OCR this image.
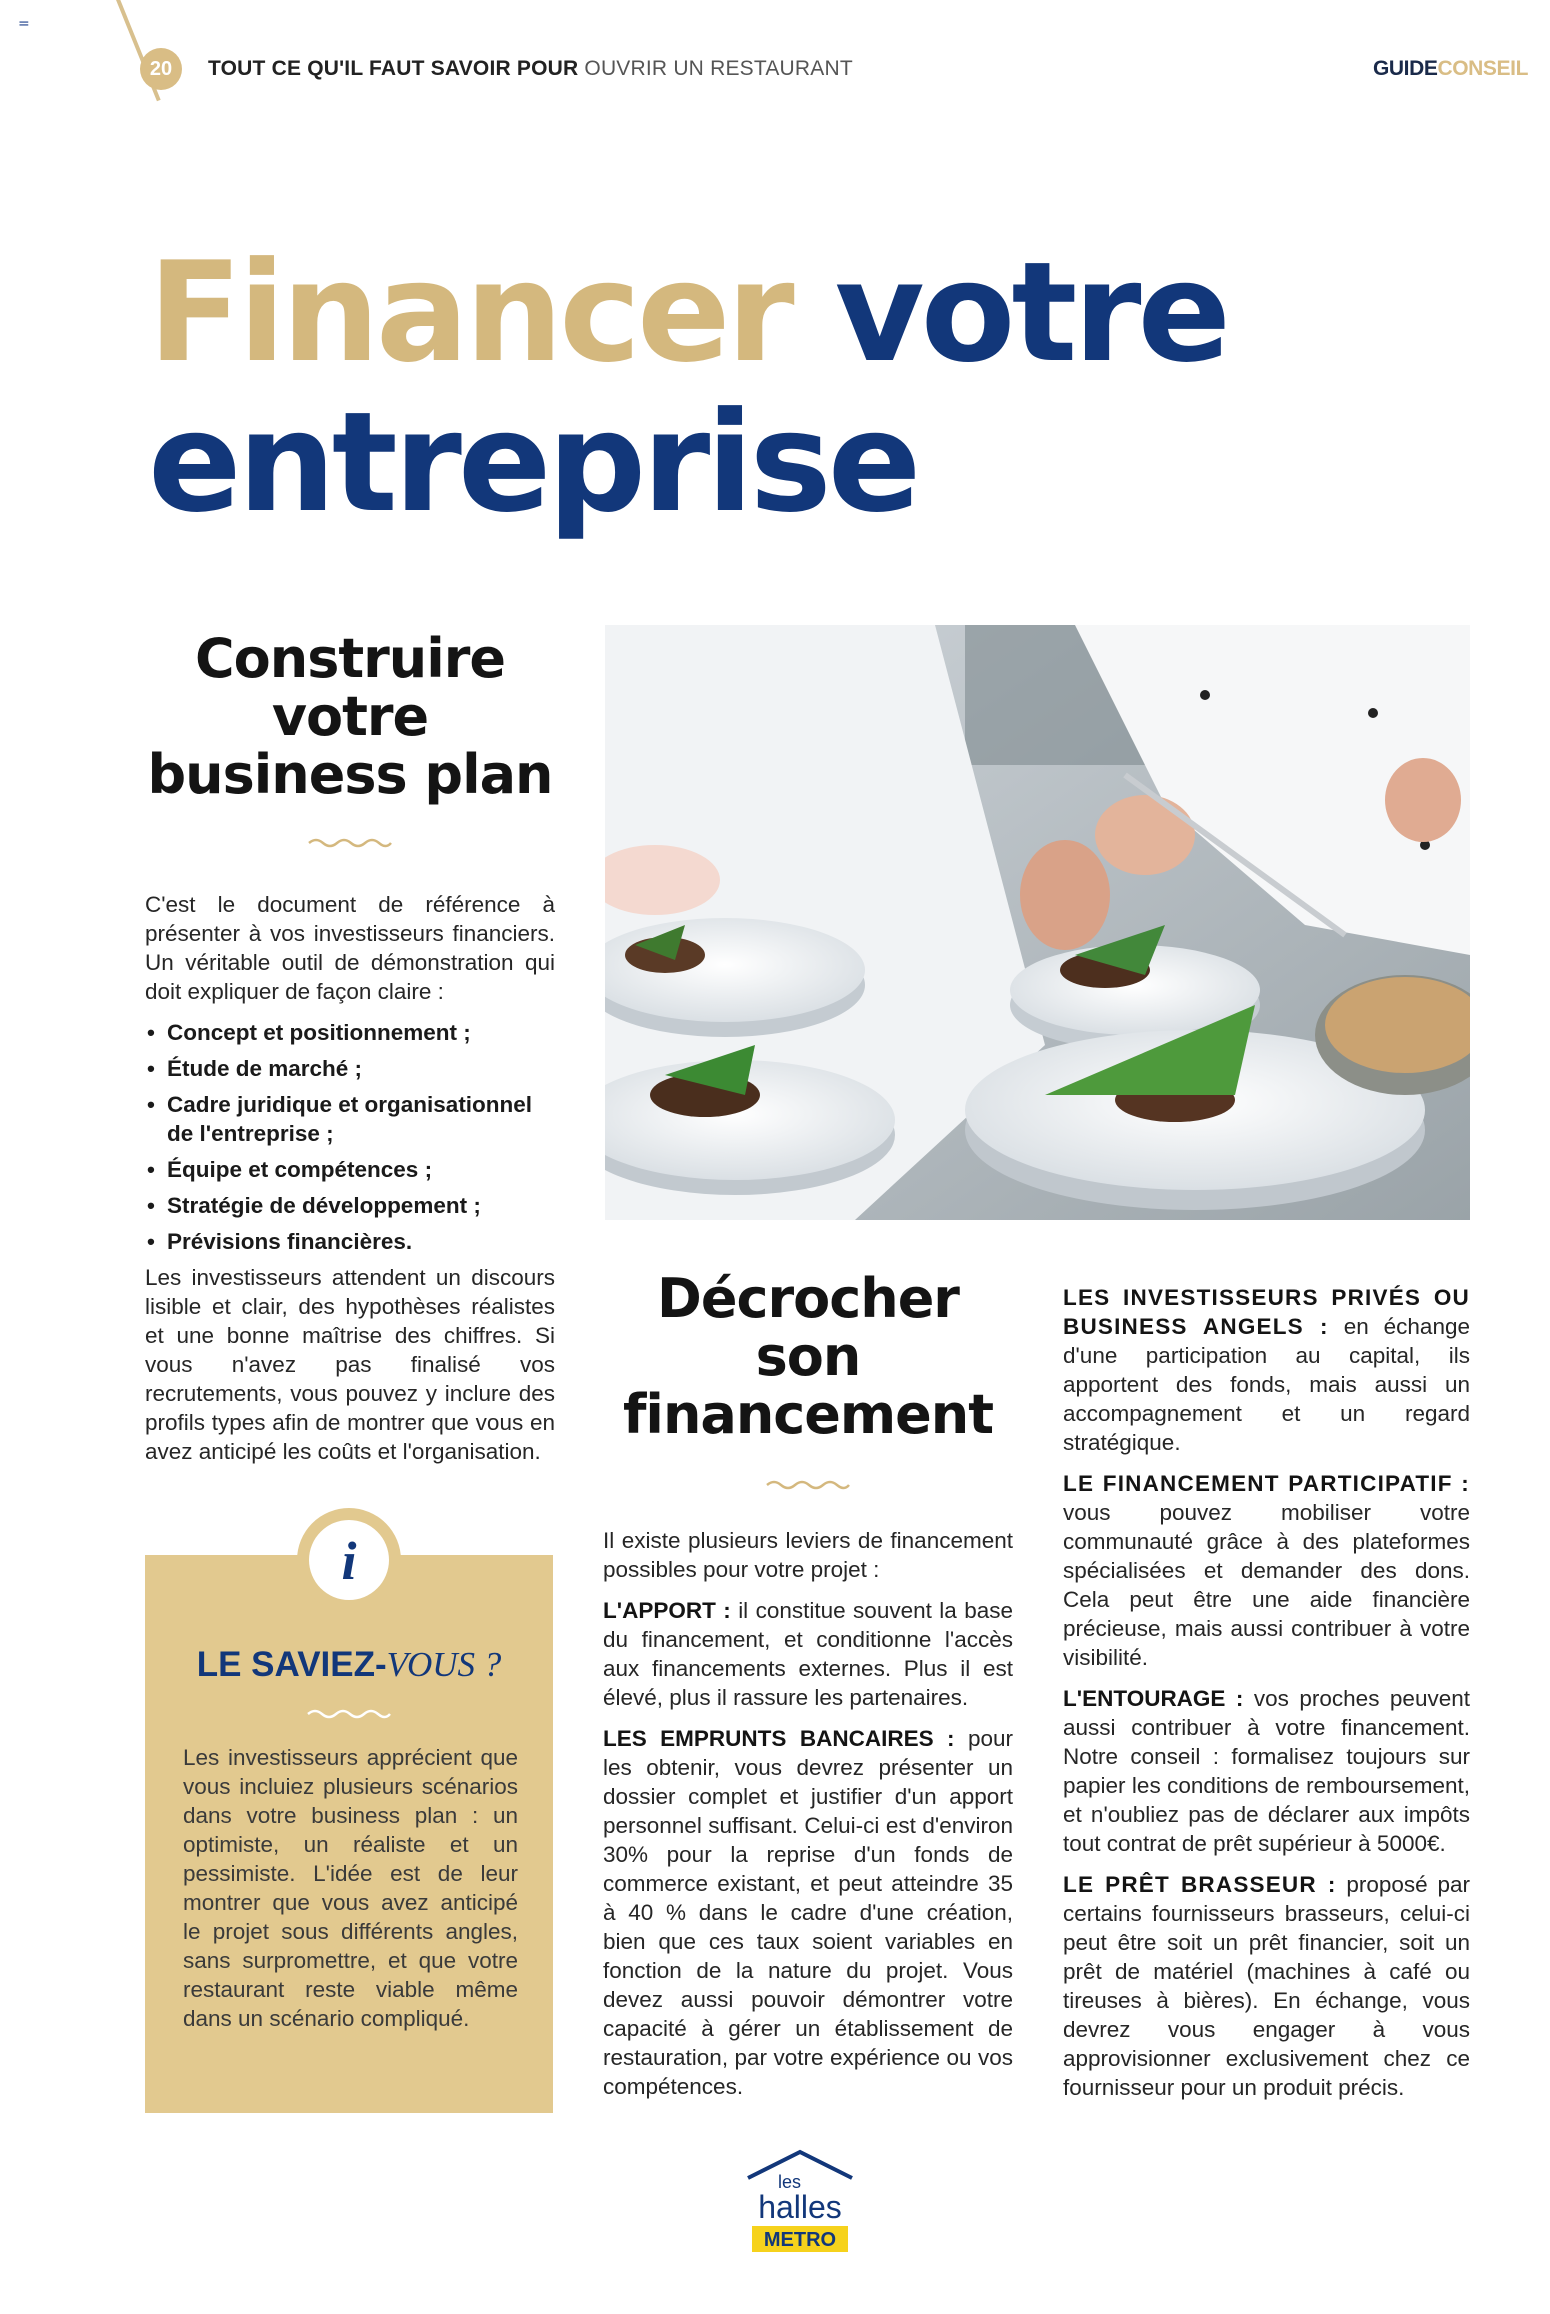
=
20	TOUT CE QU'IL FAUT SAVOIR POUR OUVRIR UN RESTAURANT	GUIDECONSEIL
Financer votre
entreprise
Construire
votre
business plan

C'est le document de référence à présenter à vos investisseurs financiers. Un véritable outil de démonstration qui doit expliquer de façon claire :

• Concept et positionnement ;
• Étude de marché ;
• Cadre juridique et organisationnel de l'entreprise ;
• Équipe et compétences ;
• Stratégie de développement ;
• Prévisions financières.

Les investisseurs attendent un discours lisible et clair, des hypothèses réalistes et une bonne maîtrise des chiffres. Si vous n'avez pas finalisé vos recrutements, vous pouvez y inclure des profils types afin de montrer que vous en avez anticipé les coûts et l'organisation.

i
LE SAVIEZ-VOUS ?

Les investisseurs apprécient que vous incluiez plusieurs scénarios dans votre business plan : un optimiste, un réaliste et un pessimiste. L'idée est de leur montrer que vous avez anticipé le projet sous différents angles, sans surpromettre, et que votre restaurant reste viable même dans un scénario compliqué.

Décrocher
son
financement

Il existe plusieurs leviers de financement possibles pour votre projet :

L'APPORT : il constitue souvent la base du financement, et conditionne l'accès aux financements externes. Plus il est élevé, plus il rassure les partenaires.

LES EMPRUNTS BANCAIRES : pour les obtenir, vous devrez présenter un dossier complet et justifier d'un apport personnel suffisant. Celui-ci est d'environ 30% pour la reprise d'un fonds de commerce existant, et peut atteindre 35 à 40 % dans le cadre d'une création, bien que ces taux soient variables en fonction de la nature du projet. Vous devez aussi pouvoir démontrer votre capacité à gérer un établissement de restauration, par votre expérience ou vos compétences.

LES INVESTISSEURS PRIVÉS OU BUSINESS ANGELS : en échange d'une participation au capital, ils apportent des fonds, mais aussi un accompagnement et un regard stratégique.

LE FINANCEMENT PARTICIPATIF : vous pouvez mobiliser votre communauté grâce à des plateformes spécialisées et demander des dons. Cela peut être une aide financière précieuse, mais aussi contribuer à votre visibilité.

L'ENTOURAGE : vos proches peuvent aussi contribuer à votre financement. Notre conseil : formalisez toujours sur papier les conditions de remboursement, et n'oubliez pas de déclarer aux impôts tout contrat de prêt supérieur à 5000€.

LE PRÊT BRASSEUR : proposé par certains fournisseurs brasseurs, celui-ci peut être soit un prêt financier, soit un prêt de matériel (machines à café ou tireuses à bières). En échange, vous devrez vous engager à vous approvisionner exclusivement chez ce fournisseur pour un produit précis.

les
halles
METRO
